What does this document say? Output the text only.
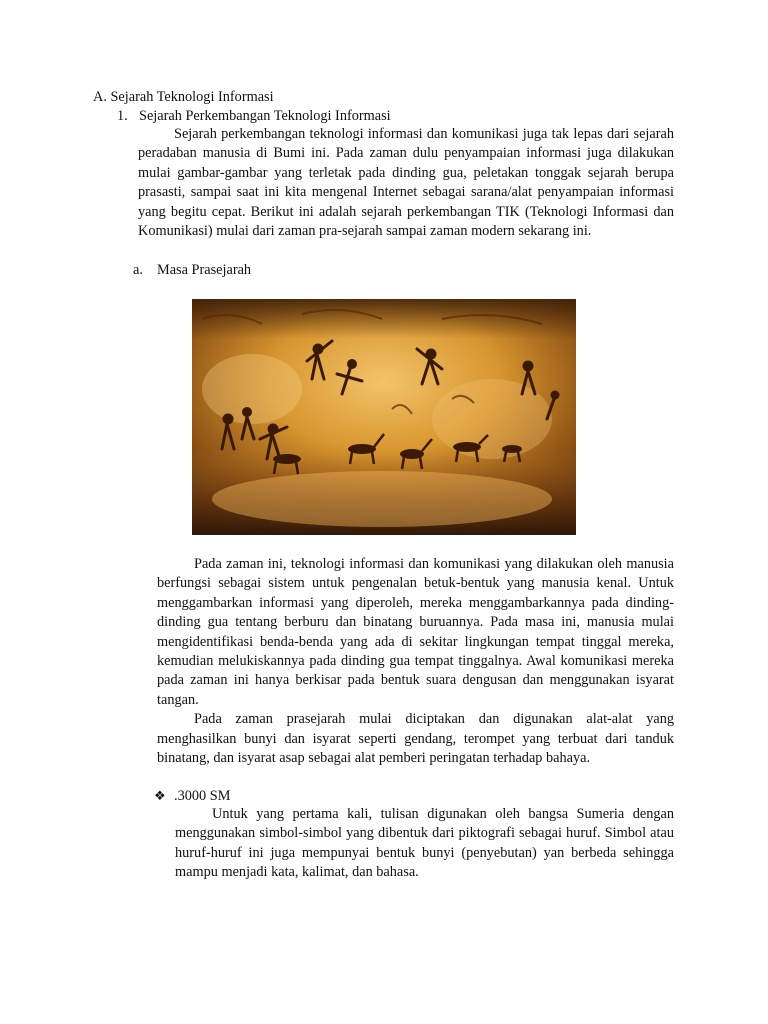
A. Sejarah Teknologi Informasi
1. Sejarah Perkembangan Teknologi Informasi

Sejarah perkembangan teknologi informasi dan komunikasi juga tak lepas dari sejarah peradaban manusia di Bumi ini. Pada zaman dulu penyampaian informasi juga dilakukan mulai gambar-gambar yang terletak pada dinding gua, peletakan tonggak sejarah berupa prasasti, sampai saat ini kita mengenal Internet sebagai sarana/alat penyampaian informasi yang begitu cepat. Berikut ini adalah sejarah perkembangan TIK (Teknologi Informasi dan Komunikasi) mulai dari zaman pra-sejarah sampai zaman modern sekarang ini.

a. Masa Prasejarah

Pada zaman ini, teknologi informasi dan komunikasi yang dilakukan oleh manusia berfungsi sebagai sistem untuk pengenalan betuk-bentuk yang manusia kenal. Untuk menggambarkan informasi yang diperoleh, mereka menggambarkannya pada dinding-dinding gua tentang berburu dan binatang buruannya. Pada masa ini, manusia mulai mengidentifikasi benda-benda yang ada di sekitar lingkungan tempat tinggal mereka, kemudian melukiskannya pada dinding gua tempat tinggalnya. Awal komunikasi mereka pada zaman ini hanya berkisar pada bentuk suara dengusan dan menggunakan isyarat tangan.

Pada zaman prasejarah mulai diciptakan dan digunakan alat-alat yang menghasilkan bunyi dan isyarat seperti gendang, terompet yang terbuat dari tanduk binatang, dan isyarat asap sebagai alat pemberi peringatan terhadap bahaya.

❖ .3000 SM

Untuk yang pertama kali, tulisan digunakan oleh bangsa Sumeria dengan menggunakan simbol-simbol yang dibentuk dari piktografi sebagai huruf. Simbol atau huruf-huruf ini juga mempunyai bentuk bunyi (penyebutan) yan berbeda sehingga mampu menjadi kata, kalimat, dan bahasa.
